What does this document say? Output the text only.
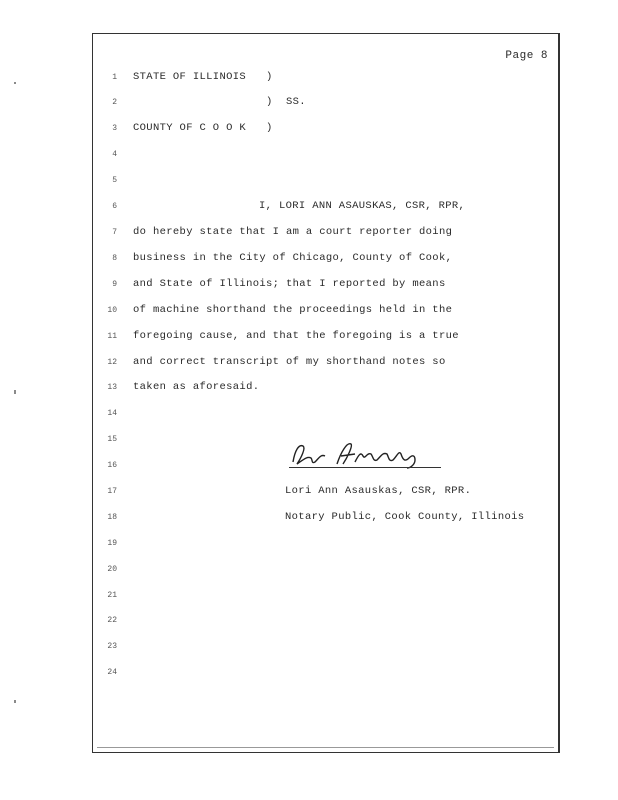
Page 8
1 STATE OF ILLINOIS   )
2 )  SS.
3 COUNTY OF C O O K   )
4
5
6	I, LORI ANN ASAUSKAS, CSR, RPR,
7 do hereby state that I am a court reporter doing
8 business in the City of Chicago, County of Cook,
9 and State of Illinois; that I reported by means
10 of machine shorthand the proceedings held in the
11 foregoing cause, and that the foregoing is a true
12 and correct transcript of my shorthand notes so
13 taken as aforesaid.
14
15
16
17	Lori Ann Asauskas, CSR, RPR.
18	Notary Public, Cook County, Illinois
19
20
21
22
23
24
